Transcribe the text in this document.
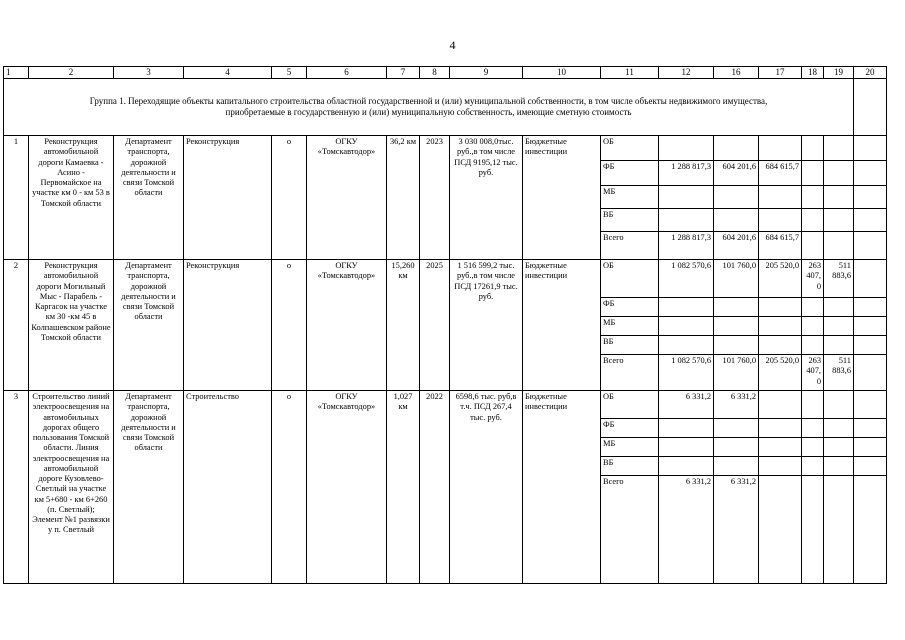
4
1	2	3	4	5	6	7	8	9	10	11	12	16	17	18	19	20

Группа 1. Переходящие объекты капитального строительства областной государственной и (или) муниципальной собственности, в том числе объекты недвижимого имущества,
приобретаемые в государственную и (или) муниципальную собственность, имеющие сметную стоимость																

1	Реконструкция автомобильной дороги Камаевка - Асино - Первомайское на участке км 0 - км 53 в Томской области	Департамент транспорта, дорожной деятельности и связи Томской области	Реконструкция	о	ОГКУ «Томскавтодор»	36,2 км	2023	3 030 008,0тыс. руб.,в том числе ПСД 9195,12 тыс. руб.	Бюджетные инвестиции	ОБ						
										ФБ	1 288 817,3	604 201,6	684 615,7			
										МБ						
										ВБ						
										Всего	1 288 817,3	604 201,6	684 615,7			
2	Реконструкция автомобильной дороги Могильный Мыс - Парабель - Каргасок на участке км 30 -км 45 в Колпашевском районе Томской области	Департамент транспорта, дорожной деятельности и связи Томской области	Реконструкция	о	ОГКУ «Томскавтодор»	15,260 км	2025	1 516 599,2 тыс. руб.,в том числе ПСД 17261,9 тыс. руб.	Бюджетные инвестиции	ОБ	1 082 570,6	101 760,0	205 520,0	263 407, 0	511 883,6	
										ФБ						
										МБ						
										ВБ						
										Всего	1 082 570,6	101 760,0	205 520,0	263 407, 0	511 883,6	
3	Строительство линий электроосвещения на автомобильных дорогах общего пользования Томской области. Линия электроосвещения на автомобильной дороге Кузовлево-Светлый на участке км 5+680 - км 6+260 (п. Светлый); Элемент №1 развязки у п. Светлый	Департамент транспорта, дорожной деятельности и связи Томской области	Строительство	о	ОГКУ «Томскавтодор»	1,027 км	2022	6598,6 тыс. руб,в т.ч. ПСД 267,4 тыс. руб.	Бюджетные инвестиции	ОБ	6 331,2	6 331,2				
										ФБ						
										МБ						
										ВБ						
										Всего	6 331,2	6 331,2				
